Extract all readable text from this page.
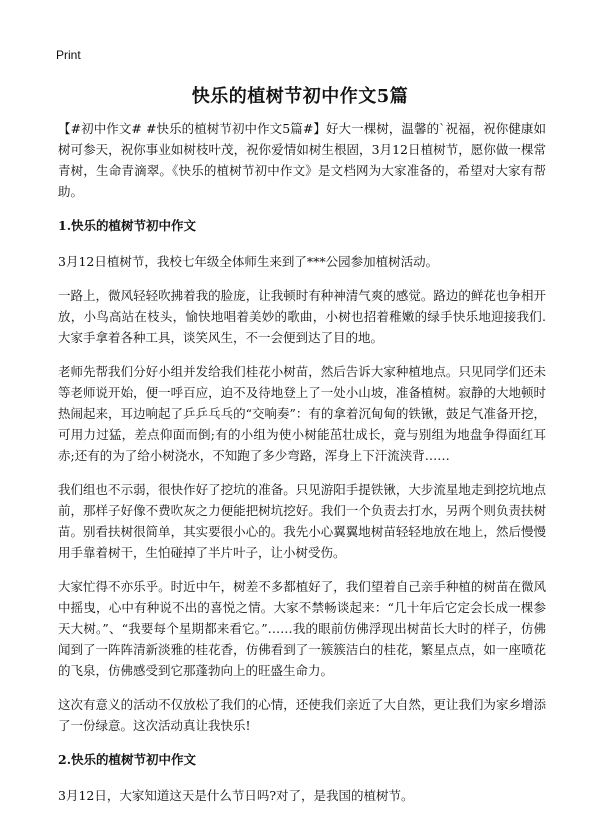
Print
快乐的植树节初中作文5篇

【#初中作文# #快乐的植树节初中作文5篇#】好大一棵树，温馨的`祝福，祝你健康如树可参天，祝你事业如树枝叶茂，祝你爱情如树生根固，3月12日植树节，愿你做一棵常青树，生命青滴翠。《快乐的植树节初中作文》是文档网为大家准备的，希望对大家有帮助。

1.快乐的植树节初中作文

3月12日植树节，我校七年级全体师生来到了***公园参加植树活动。

一路上，微风轻轻吹拂着我的脸庞，让我顿时有种神清气爽的感觉。路边的鲜花也争相开放，小鸟高站在枝头，愉快地唱着美妙的歌曲，小树也招着稚嫩的绿手快乐地迎接我们.大家手拿着各种工具，谈笑风生，不一会便到达了目的地。

老师先帮我们分好小组并发给我们桂花小树苗，然后告诉大家种植地点。只见同学们还未等老师说开始，便一呼百应，迫不及待地登上了一处小山坡，准备植树。寂静的大地顿时热闹起来，耳边响起了乒乒乓乓的“交响奏”：有的拿着沉甸甸的铁锹，鼓足气准备开挖，可用力过猛，差点仰面而倒;有的小组为使小树能茁壮成长，竟与别组为地盘争得面红耳赤;还有的为了给小树浇水，不知跑了多少弯路，浑身上下汗流浃背……

我们组也不示弱，很快作好了挖坑的准备。只见游阳手提铁锹，大步流星地走到挖坑地点前，那样子好像不费吹灰之力便能把树坑挖好。我们一个负责去打水，另两个则负责扶树苗。别看扶树很简单，其实要很小心的。我先小心翼翼地树苗轻轻地放在地上，然后慢慢用手靠着树干，生怕碰掉了半片叶子，让小树受伤。

大家忙得不亦乐乎。时近中午，树差不多都植好了，我们望着自己亲手种植的树苗在微风中摇曳，心中有种说不出的喜悦之情。大家不禁畅谈起来：“几十年后它定会长成一棵参天大树。”、“我要每个星期都来看它。”……我的眼前仿佛浮现出树苗长大时的样子，仿佛闻到了一阵阵清新淡雅的桂花香，仿佛看到了一簇簇洁白的桂花，繁星点点，如一座喷花的飞泉，仿佛感受到它那蓬勃向上的旺盛生命力。

这次有意义的活动不仅放松了我们的心情，还使我们亲近了大自然，更让我们为家乡增添了一份绿意。这次活动真让我快乐!

2.快乐的植树节初中作文

3月12日，大家知道这天是什么节日吗?对了，是我国的植树节。
